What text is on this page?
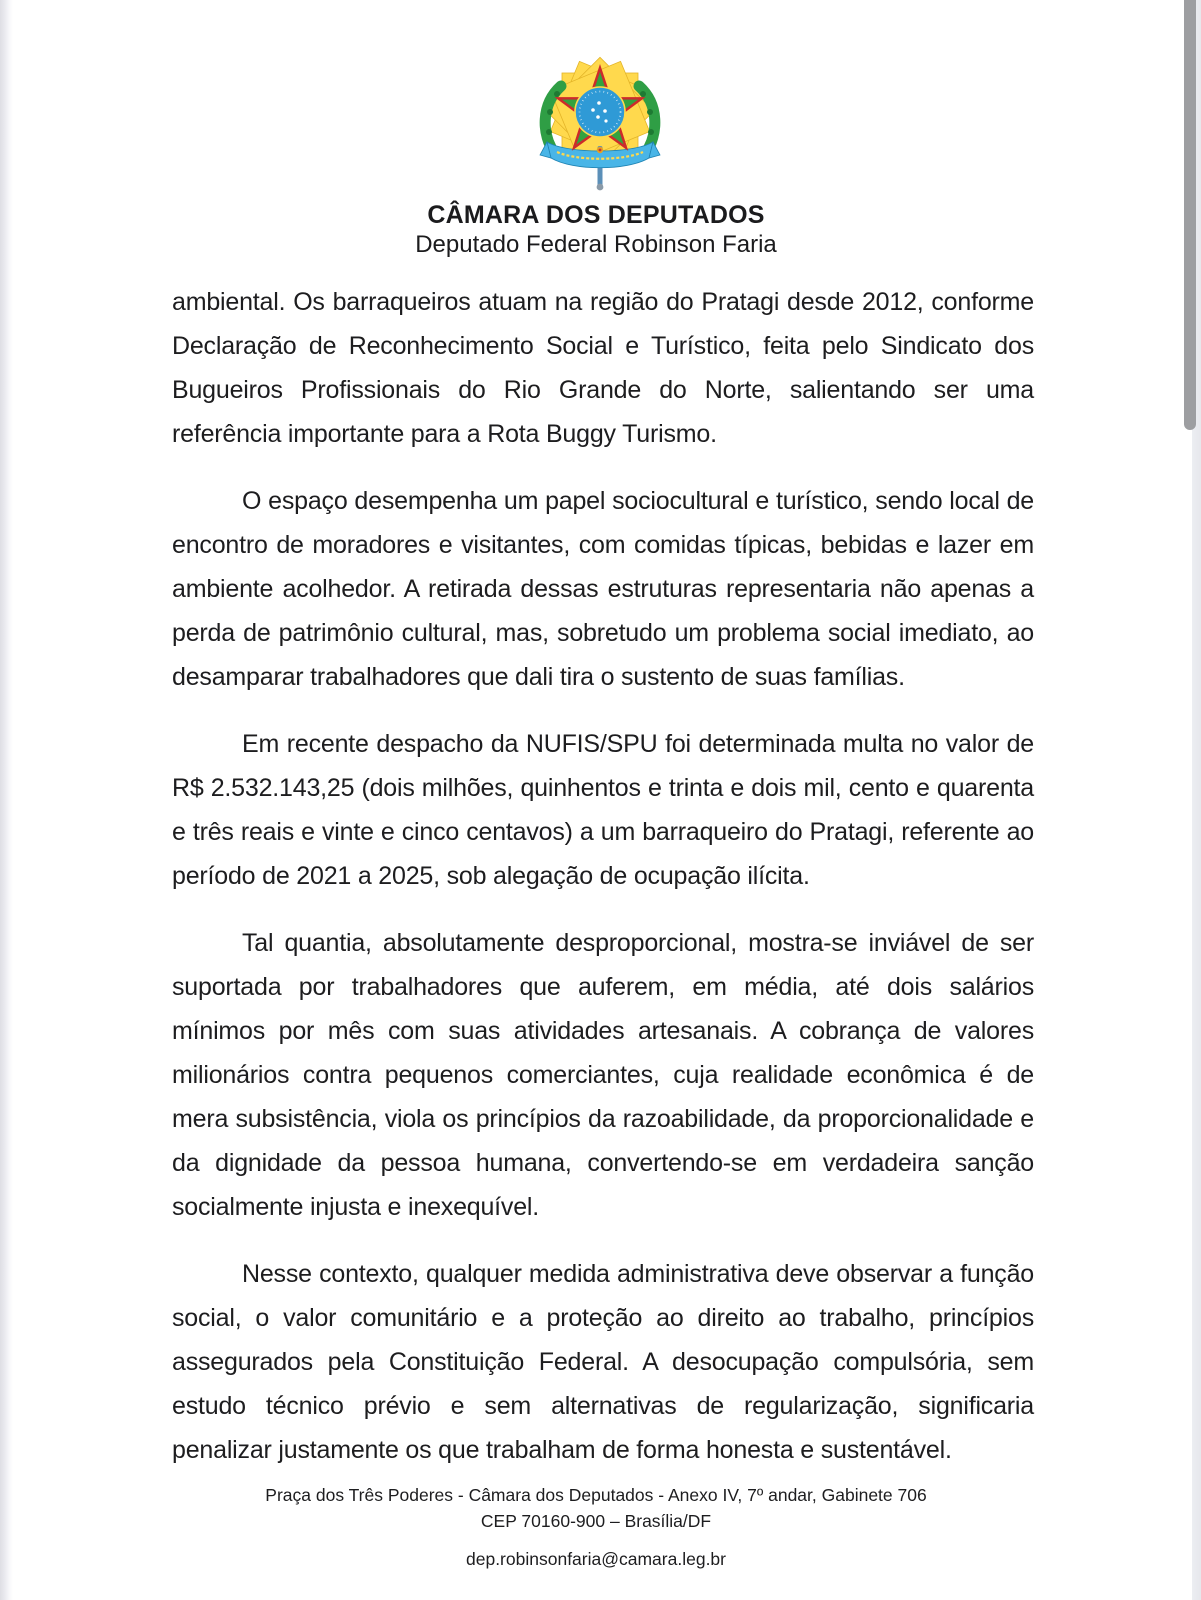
CÂMARA DOS DEPUTADOS
Deputado Federal Robinson Faria

ambiental. Os barraqueiros atuam na região do Pratagi desde 2012, conforme Declaração de Reconhecimento Social e Turístico, feita pelo Sindicato dos Bugueiros Profissionais do Rio Grande do Norte, salientando ser uma referência importante para a Rota Buggy Turismo.

O espaço desempenha um papel sociocultural e turístico, sendo local de encontro de moradores e visitantes, com comidas típicas, bebidas e lazer em ambiente acolhedor. A retirada dessas estruturas representaria não apenas a perda de patrimônio cultural, mas, sobretudo um problema social imediato, ao desamparar trabalhadores que dali tira o sustento de suas famílias.

Em recente despacho da NUFIS/SPU foi determinada multa no valor de R$ 2.532.143,25 (dois milhões, quinhentos e trinta e dois mil, cento e quarenta e três reais e vinte e cinco centavos) a um barraqueiro do Pratagi, referente ao período de 2021 a 2025, sob alegação de ocupação ilícita.

Tal quantia, absolutamente desproporcional, mostra-se inviável de ser suportada por trabalhadores que auferem, em média, até dois salários mínimos por mês com suas atividades artesanais. A cobrança de valores milionários contra pequenos comerciantes, cuja realidade econômica é de mera subsistência, viola os princípios da razoabilidade, da proporcionalidade e da dignidade da pessoa humana, convertendo-se em verdadeira sanção socialmente injusta e inexequível.

Nesse contexto, qualquer medida administrativa deve observar a função social, o valor comunitário e a proteção ao direito ao trabalho, princípios assegurados pela Constituição Federal. A desocupação compulsória, sem estudo técnico prévio e sem alternativas de regularização, significaria penalizar justamente os que trabalham de forma honesta e sustentável.

Praça dos Três Poderes - Câmara dos Deputados - Anexo IV, 7º andar, Gabinete 706
CEP 70160-900 – Brasília/DF
dep.robinsonfaria@camara.leg.br
